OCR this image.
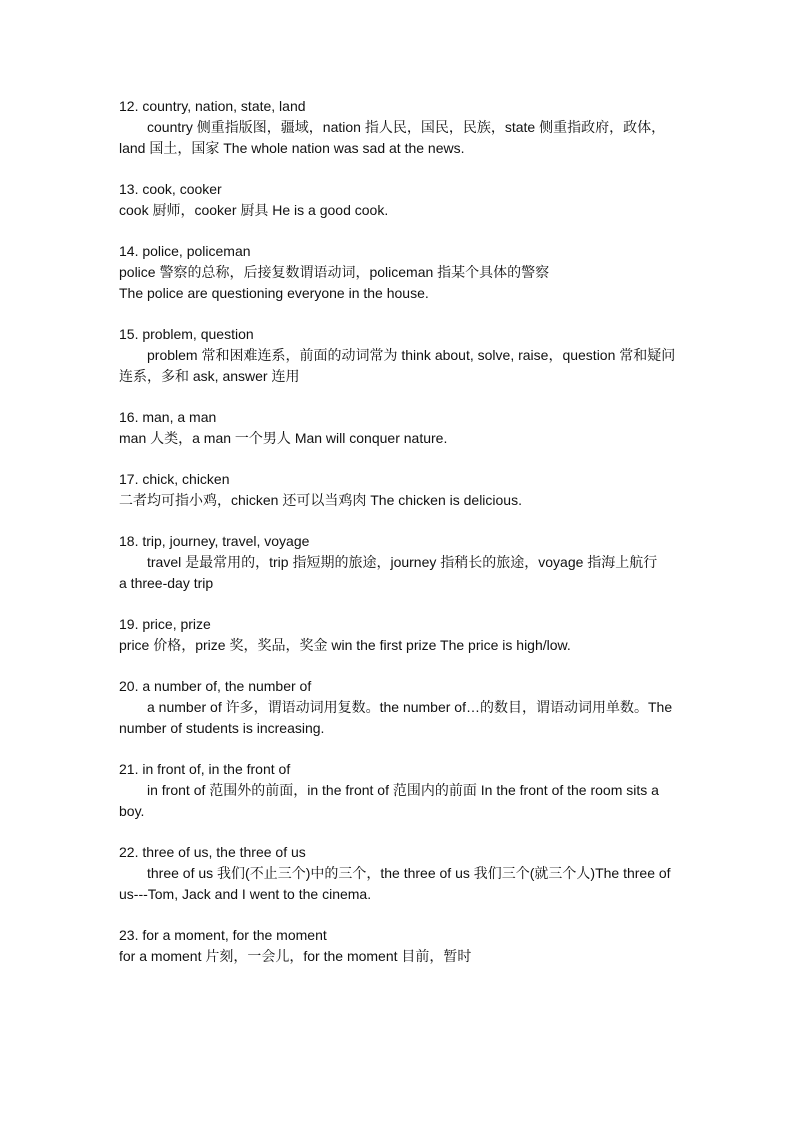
12. country, nation, state, land

country 侧重指版图，疆域，nation 指人民，国民，民族，state 侧重指政府，政体，

land 国土，国家 The whole nation was sad at the news.

13. cook, cooker

cook 厨师，cooker 厨具 He is a good cook.

14. police, policeman

police 警察的总称，后接复数谓语动词，policeman 指某个具体的警察

The police are questioning everyone in the house.

15. problem, question

problem 常和困难连系，前面的动词常为 think about, solve, raise，question 常和疑问连系，多和 ask, answer 连用

16. man, a man

man 人类，a man 一个男人 Man will conquer nature.

17. chick, chicken

二者均可指小鸡，chicken 还可以当鸡肉 The chicken is delicious.

18. trip, journey, travel, voyage

travel 是最常用的，trip 指短期的旅途，journey 指稍长的旅途，voyage 指海上航行

a three-day trip

19. price, prize

price 价格，prize 奖，奖品，奖金 win the first prize The price is high/low.

20. a number of, the number of

a number of 许多，谓语动词用复数。the number of…的数目，谓语动词用单数。The number of students is increasing.

21. in front of, in the front of

in front of 范围外的前面，in the front of 范围内的前面 In the front of the room sits a boy.

22. three of us, the three of us

three of us 我们(不止三个)中的三个，the three of us 我们三个(就三个人)The three of us---Tom, Jack and I went to the cinema.

23. for a moment, for the moment

for a moment 片刻，一会儿，for the moment 目前，暂时
